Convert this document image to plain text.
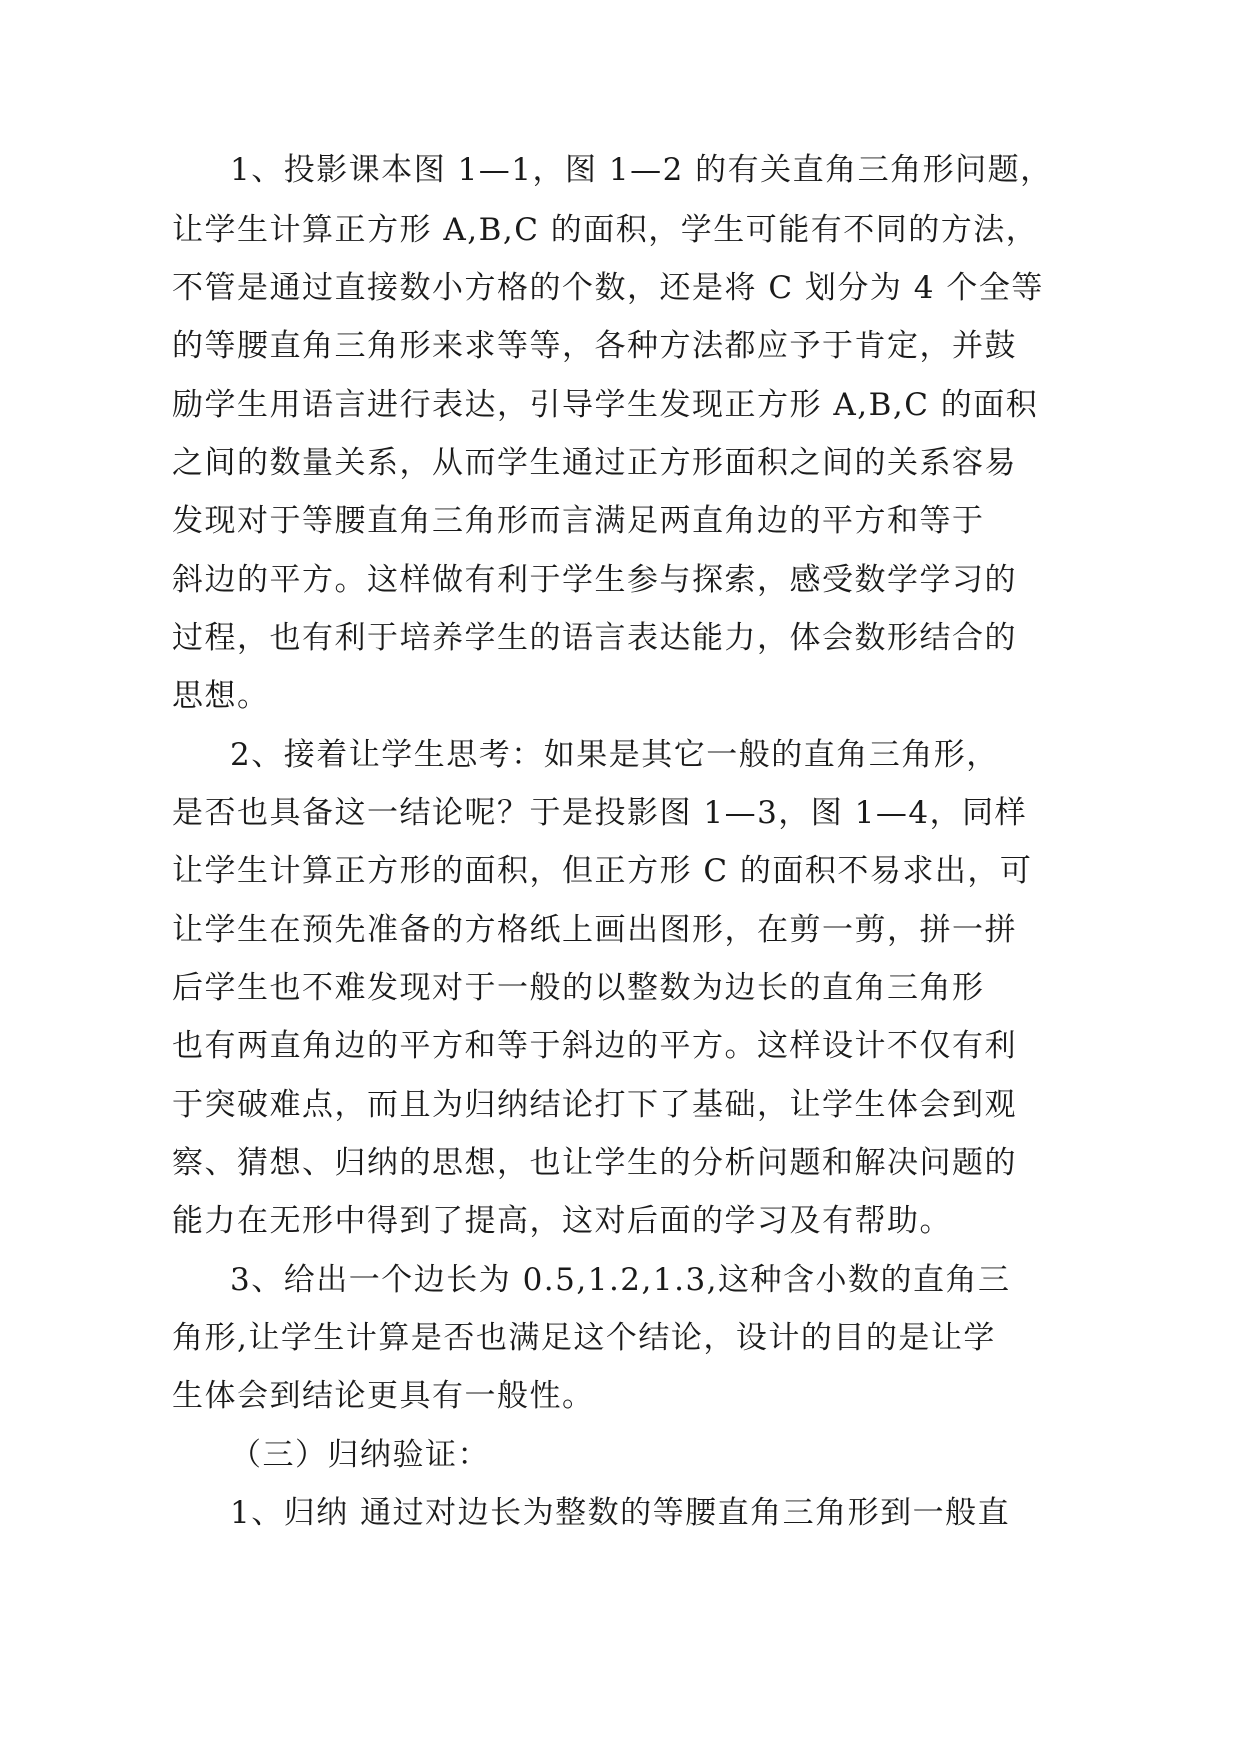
1、投影课本图 1—1，图 1—2 的有关直角三角形问题，
让学生计算正方形 A,B,C 的面积，学生可能有不同的方法，
不管是通过直接数小方格的个数，还是将 C 划分为 4 个全等
的等腰直角三角形来求等等，各种方法都应予于肯定，并鼓
励学生用语言进行表达，引导学生发现正方形 A,B,C 的面积
之间的数量关系，从而学生通过正方形面积之间的关系容易
发现对于等腰直角三角形而言满足两直角边的平方和等于
斜边的平方。这样做有利于学生参与探索，感受数学学习的
过程，也有利于培养学生的语言表达能力，体会数形结合的
思想。
2、接着让学生思考：如果是其它一般的直角三角形，
是否也具备这一结论呢？于是投影图 1—3，图 1—4，同样
让学生计算正方形的面积，但正方形 C 的面积不易求出，可
让学生在预先准备的方格纸上画出图形，在剪一剪，拼一拼
后学生也不难发现对于一般的以整数为边长的直角三角形
也有两直角边的平方和等于斜边的平方。这样设计不仅有利
于突破难点，而且为归纳结论打下了基础，让学生体会到观
察、猜想、归纳的思想，也让学生的分析问题和解决问题的
能力在无形中得到了提高，这对后面的学习及有帮助。
3、给出一个边长为 0.5,1.2,1.3,这种含小数的直角三
角形,让学生计算是否也满足这个结论，设计的目的是让学
生体会到结论更具有一般性。
（三）归纳验证：
1、归纳 通过对边长为整数的等腰直角三角形到一般直
